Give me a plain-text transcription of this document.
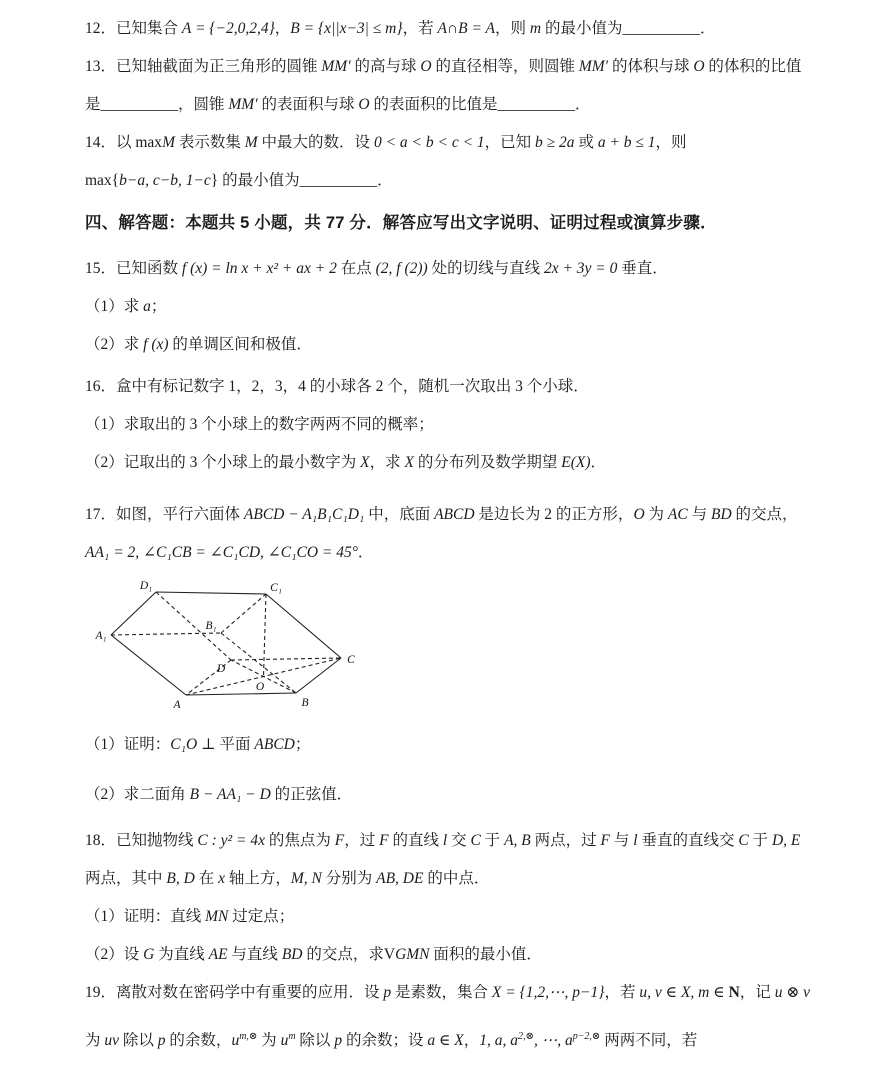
12．已知集合 A = {−2,0,2,4}，B = {x||x−3| ≤ m}，若 A∩B = A，则 m 的最小值为__________．

13．已知轴截面为正三角形的圆锥 MM′ 的高与球 O 的直径相等，则圆锥 MM′ 的体积与球 O 的体积的比值

是__________，圆锥 MM′ 的表面积与球 O 的表面积的比值是__________．

14．以 maxM 表示数集 M 中最大的数．设 0 < a < b < c < 1，已知 b ≥ 2a 或 a + b ≤ 1，则

max{b−a, c−b, 1−c} 的最小值为__________．

四、解答题：本题共 5 小题，共 77 分．解答应写出文字说明、证明过程或演算步骤．

15．已知函数 f (x) = ln x + x² + ax + 2 在点 (2, f (2)) 处的切线与直线 2x + 3y = 0 垂直．

（1）求 a；

（2）求 f (x) 的单调区间和极值．

16．盒中有标记数字 1，2，3，4 的小球各 2 个，随机一次取出 3 个小球．

（1）求取出的 3 个小球上的数字两两不同的概率；

（2）记取出的 3 个小球上的最小数字为 X，求 X 的分布列及数学期望 E(X)．

17．如图，平行六面体 ABCD − A₁B₁C₁D₁ 中，底面 ABCD 是边长为 2 的正方形，O 为 AC 与 BD 的交点，

AA₁ = 2, ∠C₁CB = ∠C₁CD, ∠C₁CO = 45°．

D₁	C₁
A₁
B₁
D
C
O
A	B

（1）证明：C₁O ⊥ 平面 ABCD；

（2）求二面角 B − AA₁ − D 的正弦值．

18．已知抛物线 C : y² = 4x 的焦点为 F，过 F 的直线 l 交 C 于 A, B 两点，过 F 与 l 垂直的直线交 C 于 D, E

两点，其中 B, D 在 x 轴上方，M, N 分别为 AB, DE 的中点．

（1）证明：直线 MN 过定点；

（2）设 G 为直线 AE 与直线 BD 的交点，求VGMN 面积的最小值．

19．离散对数在密码学中有重要的应用．设 p 是素数，集合 X = {1,2,⋯, p−1}，若 u, v ∈ X, m ∈ N，记 u ⊗ v

为 uv 除以 p 的余数，$u^{m,\otimes}$ 为 $u^m$ 除以 p 的余数；设 a ∈ X，1, a, $a^{2,\otimes}$, ⋯, $a^{p-2,\otimes}$ 两两不同，若
